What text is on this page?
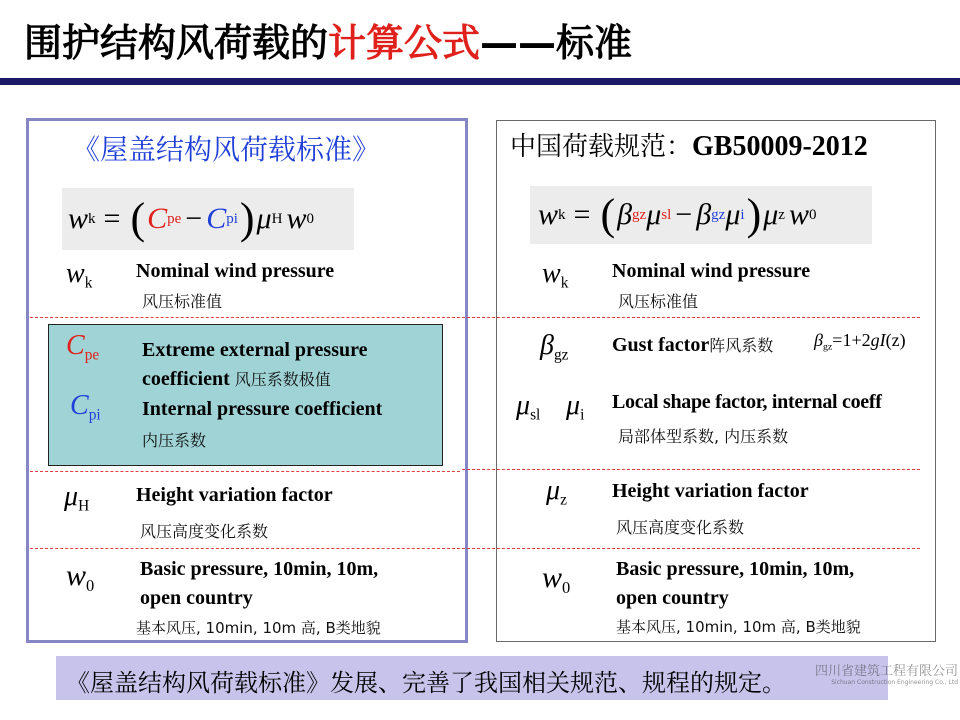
围护结构风荷载的计算公式——标准
《屋盖结构风荷载标准》
w k = ( C pe − C pi ) μ H w 0
$w_k$
Nominal wind pressure
风压标准值
$C_{pe}$ Extreme external pressure
coefficient 风压系数极值
$C_{pi}$ Internal pressure coefficient
内压系数
$\mu_H$ Height variation factor
风压高度变化系数
$w_0$
Basic pressure, 10min, 10m,
open country
基本风压, 10min, 10m 高, B类地貌
中国荷载规范：GB50009-2012
w k = ( β gz μ sl − β gz μ i ) μ z w 0
$w_k$
Nominal wind pressure
风压标准值
$\beta_{gz}$ Gust factor阵风系数 $\beta_{gz}=1+2gI(z)$
$\mu_{sl}$ $\mu_i$
Local shape factor, internal coeff
局部体型系数, 内压系数
$\mu_z$ Height variation factor
风压高度变化系数
$w_0$
Basic pressure, 10min, 10m,
open country
基本风压, 10min, 10m 高, B类地貌
《屋盖结构风荷载标准》发展、完善了我国相关规范、规程的规定。	四川省建筑工程有限公司
Sichuan Construction Engineering Co., Ltd
